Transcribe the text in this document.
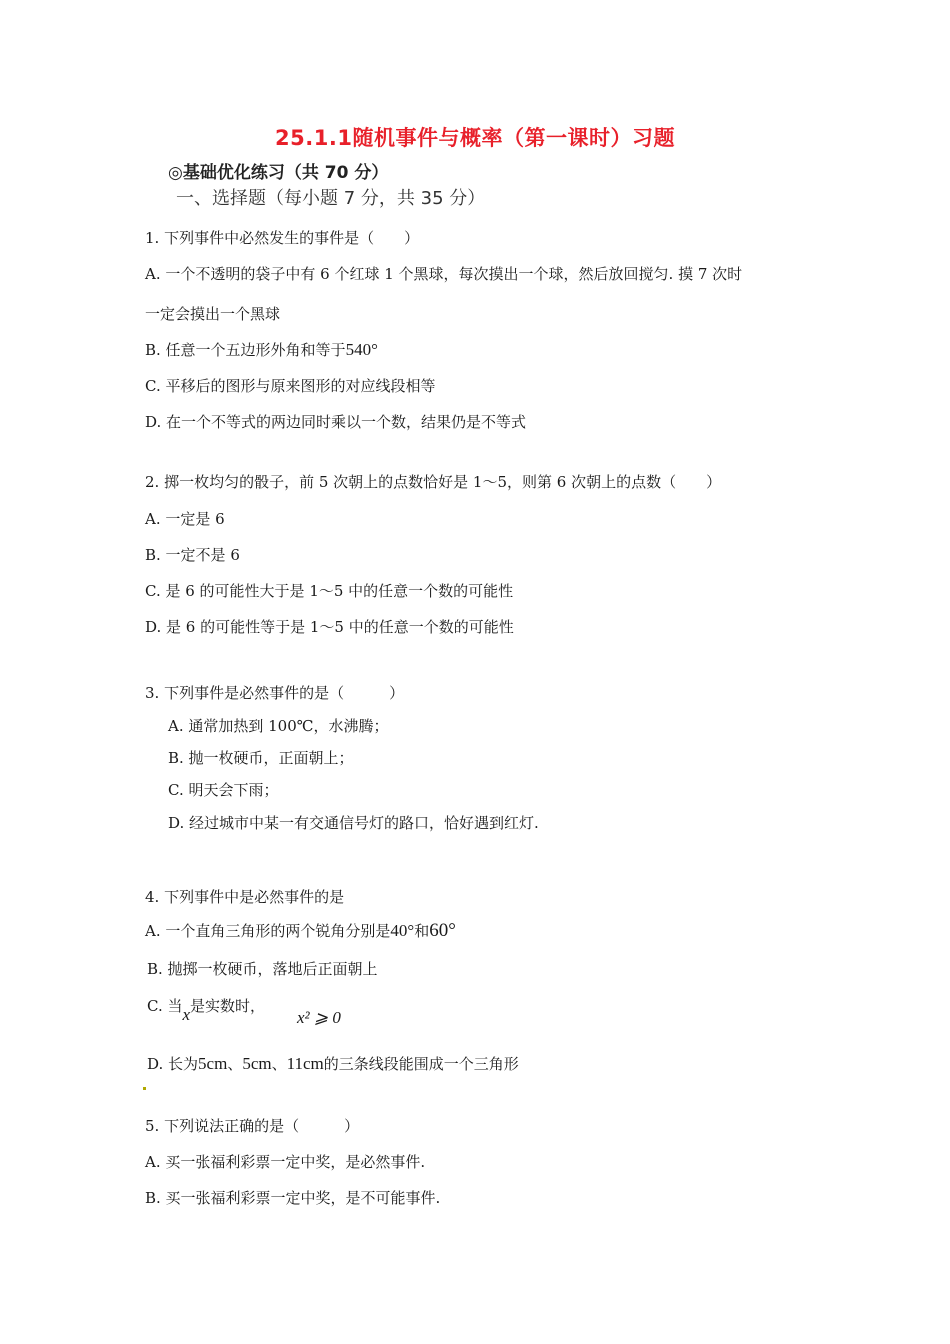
25.1.1随机事件与概率（第一课时）习题
◎基础优化练习（共 70 分）
一、选择题（每小题 7 分，共 35 分）
1. 下列事件中必然发生的事件是（　　）
A. 一个不透明的袋子中有 6 个红球 1 个黑球，每次摸出一个球，然后放回搅匀. 摸 7 次时
一定会摸出一个黑球
B. 任意一个五边形外角和等于540°
C. 平移后的图形与原来图形的对应线段相等
D. 在一个不等式的两边同时乘以一个数，结果仍是不等式
2. 掷一枚均匀的骰子，前 5 次朝上的点数恰好是 1～5，则第 6 次朝上的点数（　　）
A. 一定是 6
B. 一定不是 6
C. 是 6 的可能性大于是 1～5 中的任意一个数的可能性
D. 是 6 的可能性等于是 1～5 中的任意一个数的可能性
3. 下列事件是必然事件的是（　　　）
A. 通常加热到 100℃，水沸腾；
B. 抛一枚硬币，正面朝上；
C. 明天会下雨；
D. 经过城市中某一有交通信号灯的路口，恰好遇到红灯.
4. 下列事件中是必然事件的是
A. 一个直角三角形的两个锐角分别是40°和60°
B. 抛掷一枚硬币，落地后正面朝上
C. 当x是实数时，
x² ⩾ 0
D. 长为5cm、5cm、11cm的三条线段能围成一个三角形
5. 下列说法正确的是（　　　）
A. 买一张福利彩票一定中奖，是必然事件.
B. 买一张福利彩票一定中奖，是不可能事件.
